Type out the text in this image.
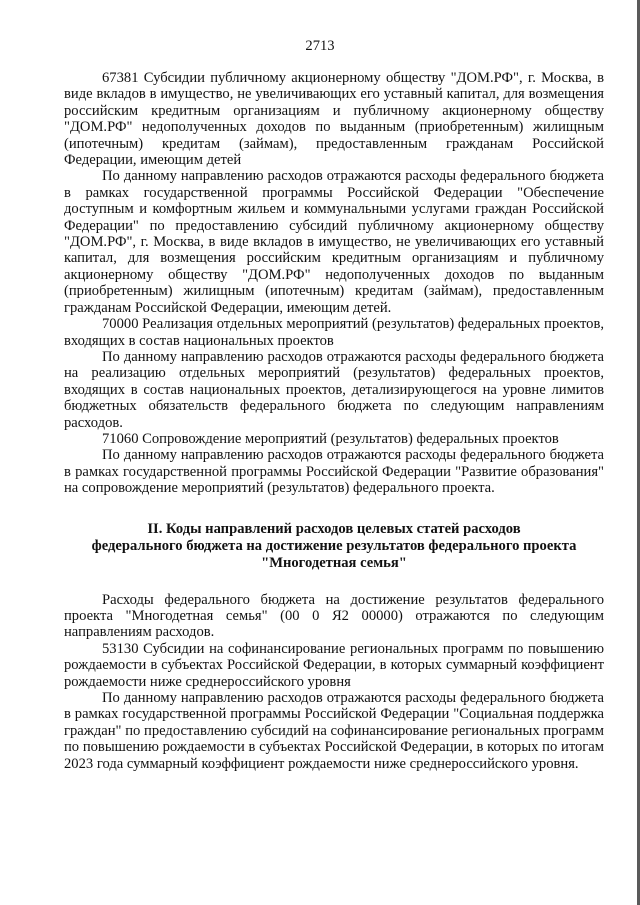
2713

67381 Субсидии публичному акционерному обществу "ДОМ.РФ", г. Москва, в виде вкладов в имущество, не увеличивающих его уставный капитал, для возмещения российским кредитным организациям и публичному акционерному обществу "ДОМ.РФ" недополученных доходов по выданным (приобретенным) жилищным (ипотечным) кредитам (займам), предоставленным гражданам Российской Федерации, имеющим детей

По данному направлению расходов отражаются расходы федерального бюджета в рамках государственной программы Российской Федерации "Обеспечение доступным и комфортным жильем и коммунальными услугами граждан Российской Федерации" по предоставлению субсидий публичному акционерному обществу "ДОМ.РФ", г. Москва, в виде вкладов в имущество, не увеличивающих его уставный капитал, для возмещения российским кредитным организациям и публичному акционерному обществу "ДОМ.РФ" недополученных доходов по выданным (приобретенным) жилищным (ипотечным) кредитам (займам), предоставленным гражданам Российской Федерации, имеющим детей.

70000 Реализация отдельных мероприятий (результатов) федеральных проектов, входящих в состав национальных проектов

По данному направлению расходов отражаются расходы федерального бюджета на реализацию отдельных мероприятий (результатов) федеральных проектов, входящих в состав национальных проектов, детализирующегося на уровне лимитов бюджетных обязательств федерального бюджета по следующим направлениям расходов.

71060 Сопровождение мероприятий (результатов) федеральных проектов

По данному направлению расходов отражаются расходы федерального бюджета в рамках государственной программы Российской Федерации "Развитие образования" на сопровождение мероприятий (результатов) федерального проекта.

II. Коды направлений расходов целевых статей расходов
федерального бюджета на достижение результатов федерального проекта
"Многодетная семья"

Расходы федерального бюджета на достижение результатов федерального проекта "Многодетная семья" (00 0 Я2 00000) отражаются по следующим направлениям расходов.

53130 Субсидии на софинансирование региональных программ по повышению рождаемости в субъектах Российской Федерации, в которых суммарный коэффициент рождаемости ниже среднероссийского уровня

По данному направлению расходов отражаются расходы федерального бюджета в рамках государственной программы Российской Федерации "Социальная поддержка граждан" по предоставлению субсидий на софинансирование региональных программ по повышению рождаемости в субъектах Российской Федерации, в которых по итогам 2023 года суммарный коэффициент рождаемости ниже среднероссийского уровня.
